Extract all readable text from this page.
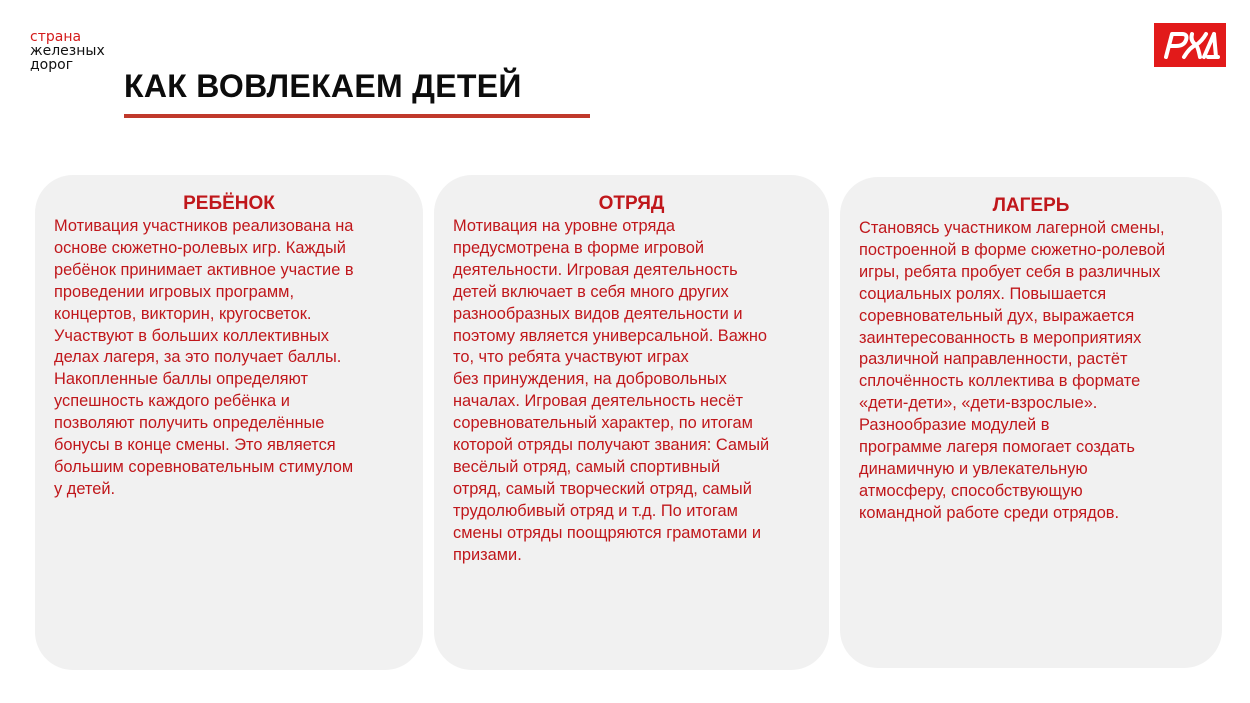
страна
железных
дорог
КАК ВОВЛЕКАЕМ ДЕТЕЙ
РЕБЁНОК
Мотивация участников реализована на
основе сюжетно-ролевых игр. Каждый
ребёнок принимает активное участие в
проведении игровых программ,
концертов, викторин, кругосветок.
Участвуют в больших коллективных
делах лагеря, за это получает баллы.
Накопленные баллы определяют
успешность каждого ребёнка и
позволяют получить определённые
бонусы в конце смены. Это является
большим соревновательным стимулом
у детей.
ОТРЯД
Мотивация на уровне отряда
предусмотрена в форме игровой
деятельности. Игровая деятельность
детей включает в себя много других
разнообразных видов деятельности и
поэтому является универсальной. Важно
то, что ребята участвуют играх
без принуждения, на добровольных
началах. Игровая деятельность несёт
соревновательный характер, по итогам
которой отряды получают звания: Самый
весёлый отряд, самый спортивный
отряд, самый творческий отряд, самый
трудолюбивый отряд и т.д. По итогам
смены отряды поощряются грамотами и
призами.
ЛАГЕРЬ
Становясь участником лагерной смены,
построенной в форме сюжетно-ролевой
игры, ребята пробует себя в различных
социальных ролях. Повышается
соревновательный дух, выражается
заинтересованность в мероприятиях
различной направленности, растёт
сплочённость коллектива в формате
«дети-дети», «дети-взрослые».
Разнообразие модулей в
программе лагеря помогает создать
динамичную и увлекательную
атмосферу, способствующую
командной работе среди отрядов.
